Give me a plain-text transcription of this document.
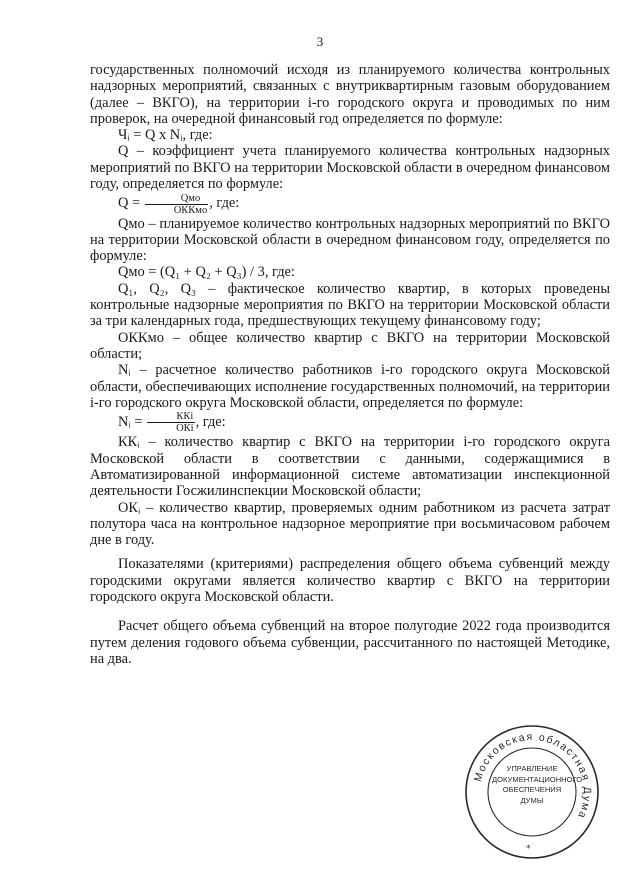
3

государственных полномочий исходя из планируемого количества контрольных надзорных мероприятий, связанных с внутриквартирным газовым оборудованием (далее – ВКГО), на территории i-го городского округа и проводимых по ним проверок, на очередной финансовый год определяется по формуле:

Чᵢ = Q x Nᵢ, где:

Q – коэффициент учета планируемого количества контрольных надзорных мероприятий по ВКГО на территории Московской области в очередном финансовом году, определяется по формуле:

$Q = \frac{\text{Qмо}}{\text{ОККмо}}$ , где:

Qмо – планируемое количество контрольных надзорных мероприятий по ВКГО на территории Московской области в очередном финансовом году, определяется по формуле:

Qмо = (Q₁ + Q₂ + Q₃) / 3, где:

Q₁, Q₂, Q₃ – фактическое количество квартир, в которых проведены контрольные надзорные мероприятия по ВКГО на территории Московской области за три календарных года, предшествующих текущему финансовому году;

ОККмо – общее количество квартир с ВКГО на территории Московской области;

Nᵢ – расчетное количество работников i-го городского округа Московской области, обеспечивающих исполнение государственных полномочий, на территории i-го городского округа Московской области, определяется по формуле:

Nᵢ = $\frac{\text{ККi}}{\text{ОКi}}$ , где:

ККᵢ – количество квартир с ВКГО на территории i-го городского округа Московской области в соответствии с данными, содержащимися в Автоматизированной информационной системе автоматизации инспекционной деятельности Госжилинспекции Московской области;

ОКᵢ – количество квартир, проверяемых одним работником из расчета затрат полутора часа на контрольное надзорное мероприятие при восьмичасовом рабочем дне в году.

Показателями (критериями) распределения общего объема субвенций между городскими округами является количество квартир с ВКГО на территории городского округа Московской области.

Расчет общего объема субвенций на второе полугодие 2022 года производится путем деления годового объема субвенции, рассчитанного по настоящей Методике, на два.

Московская областная Дума
УПРАВЛЕНИЕ
ДОКУМЕНТАЦИОННОГО
ОБЕСПЕЧЕНИЯ
ДУМЫ
*
